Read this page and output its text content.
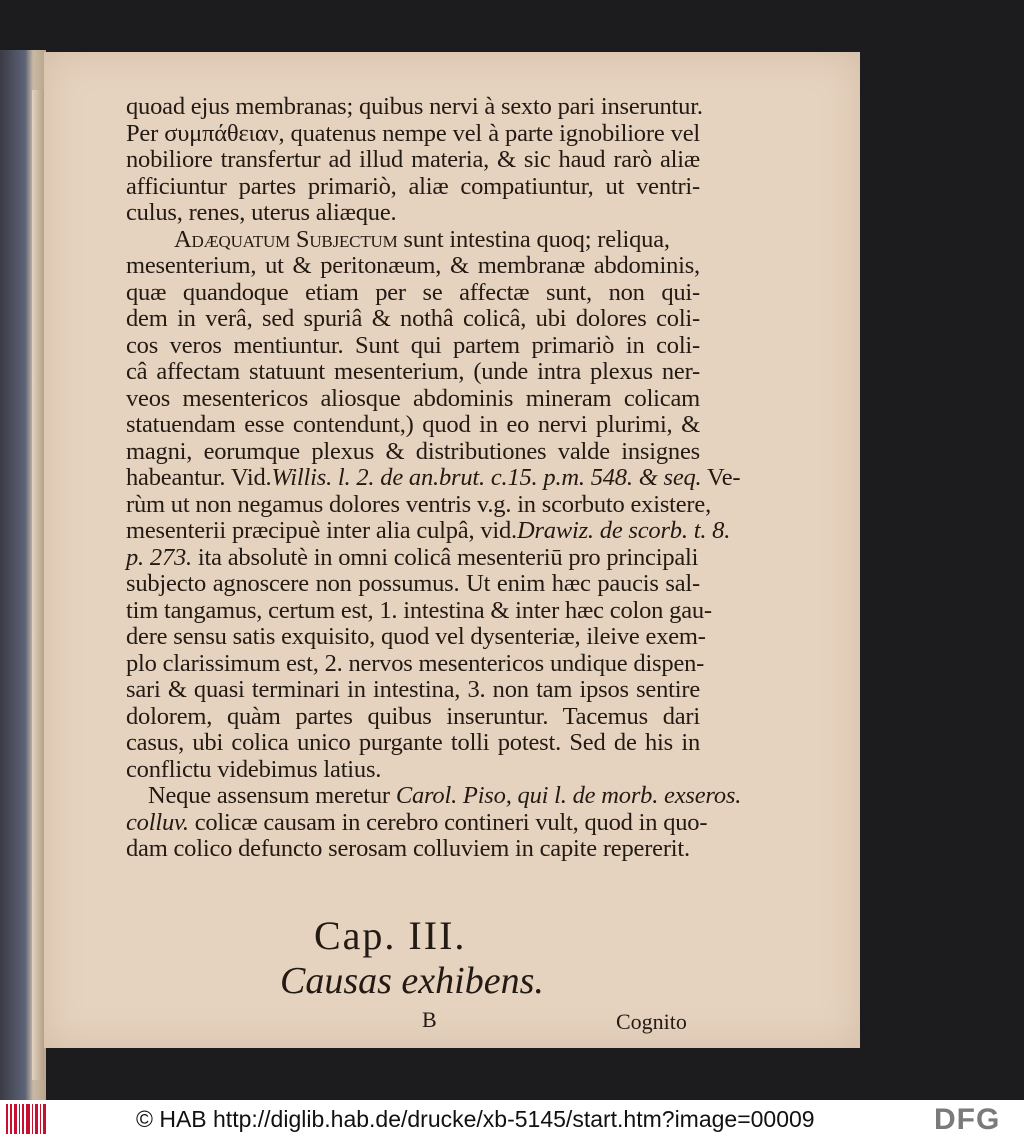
quoad ejus membranas; quibus nervi à sexto pari inseruntur.
Per συμπάθειαν, quatenus nempe vel à parte ignobiliore vel
nobiliore transfertur ad illud materia, & sic haud rarò aliæ
afficiuntur partes primariò, aliæ compatiuntur, ut ventri-
culus, renes, uterus aliæque.
Adæquatum Subjectum sunt intestina quoq; reliqua,
mesenterium, ut & peritonæum, & membranæ abdominis,
quæ quandoque etiam per se affectæ sunt, non qui-
dem in verâ, sed spuriâ & nothâ colicâ, ubi dolores coli-
cos veros mentiuntur. Sunt qui partem primariò in coli-
câ affectam statuunt mesenterium, (unde intra plexus ner-
veos mesentericos aliosque abdominis mineram colicam
statuendam esse contendunt,) quod in eo nervi plurimi, &
magni, eorumque plexus & distributiones valde insignes
habeantur. Vid.Willis. l. 2. de an.brut. c.15. p.m. 548. & seq. Ve-
rùm ut non negamus dolores ventris v.g. in scorbuto existere,
mesenterii præcipuè inter alia culpâ, vid.Drawiz. de scorb. t. 8.
p. 273. ita absolutè in omni colicâ mesenteriū pro principali
subjecto agnoscere non possumus. Ut enim hæc paucis sal-
tim tangamus, certum est, 1. intestina & inter hæc colon gau-
dere sensu satis exquisito, quod vel dysenteriæ, ileive exem-
plo clarissimum est, 2. nervos mesentericos undique dispen-
sari & quasi terminari in intestina, 3. non tam ipsos sentire
dolorem, quàm partes quibus inseruntur. Tacemus dari
casus, ubi colica unico purgante tolli potest. Sed de his in
conflictu videbimus latius.
Neque assensum meretur Carol. Piso, qui l. de morb. exseros.
colluv. colicæ causam in cerebro contineri vult, quod in quo-
dam colico defuncto serosam colluviem in capite repererit.
Cap. III.
Causas exhibens.
B	Cognito
© HAB http://diglib.hab.de/drucke/xb-5145/start.htm?image=00009	DFG
